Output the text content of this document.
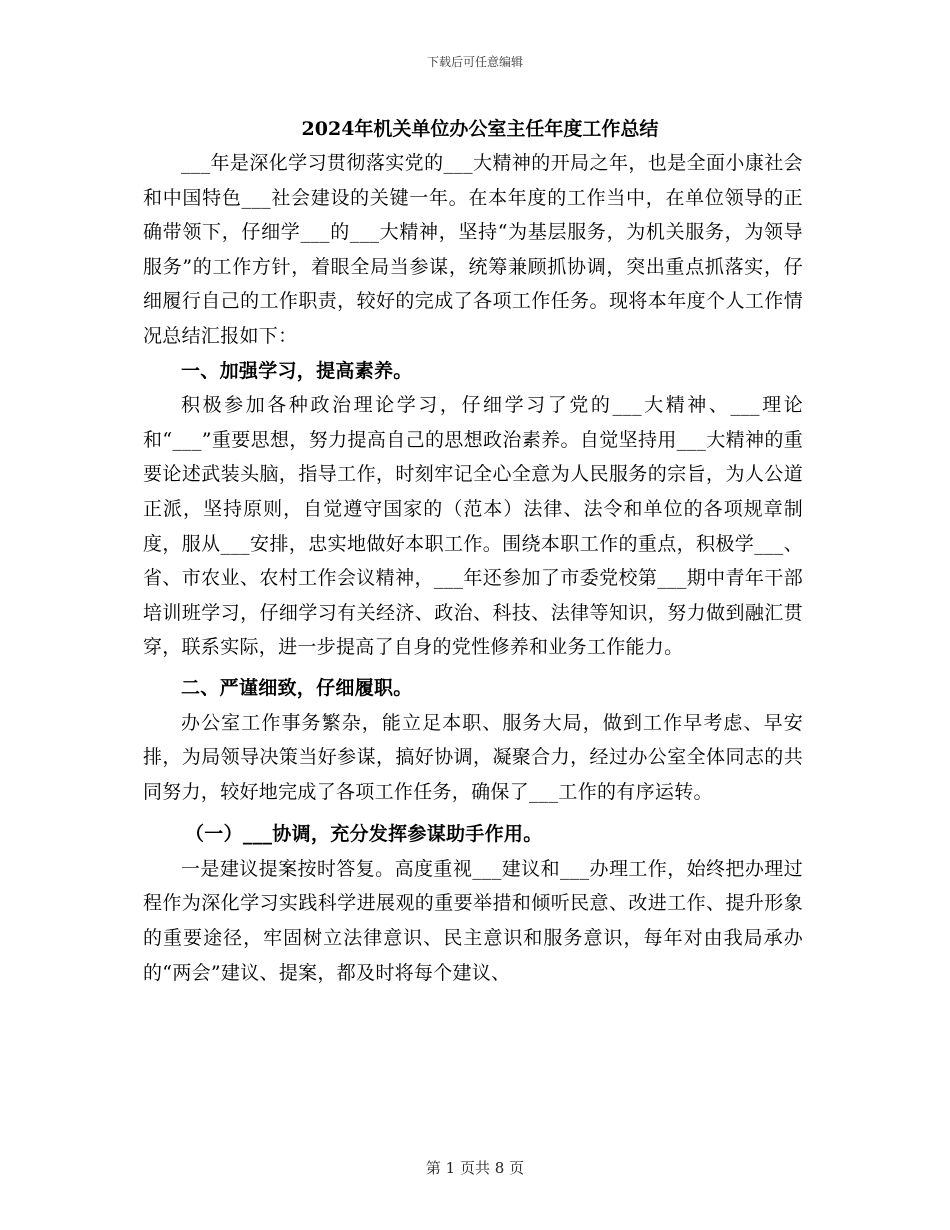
下载后可任意编辑
2024年机关单位办公室主任年度工作总结

___年是深化学习贯彻落实党的___大精神的开局之年，也是全面小康社会和中国特色___社会建设的关键一年。在本年度的工作当中，在单位领导的正确带领下，仔细学___的___大精神，坚持“为基层服务，为机关服务，为领导服务”的工作方针，着眼全局当参谋，统筹兼顾抓协调，突出重点抓落实，仔细履行自己的工作职责，较好的完成了各项工作任务。现将本年度个人工作情况总结汇报如下：

一、加强学习，提高素养。

积极参加各种政治理论学习，仔细学习了党的___大精神、___理论和“___”重要思想，努力提高自己的思想政治素养。自觉坚持用___大精神的重要论述武装头脑，指导工作，时刻牢记全心全意为人民服务的宗旨，为人公道正派，坚持原则，自觉遵守国家的（范本）法律、法令和单位的各项规章制度，服从___安排，忠实地做好本职工作。围绕本职工作的重点，积极学___、省、市农业、农村工作会议精神，___年还参加了市委党校第___期中青年干部培训班学习，仔细学习有关经济、政治、科技、法律等知识，努力做到融汇贯穿，联系实际，进一步提高了自身的党性修养和业务工作能力。

二、严谨细致，仔细履职。

办公室工作事务繁杂，能立足本职、服务大局，做到工作早考虑、早安排，为局领导决策当好参谋，搞好协调，凝聚合力，经过办公室全体同志的共同努力，较好地完成了各项工作任务，确保了___工作的有序运转。

（一）___协调，充分发挥参谋助手作用。

一是建议提案按时答复。高度重视___建议和___办理工作，始终把办理过程作为深化学习实践科学进展观的重要举措和倾听民意、改进工作、提升形象的重要途径，牢固树立法律意识、民主意识和服务意识，每年对由我局承办的“两会”建议、提案，都及时将每个建议、

第 1 页共 8 页
